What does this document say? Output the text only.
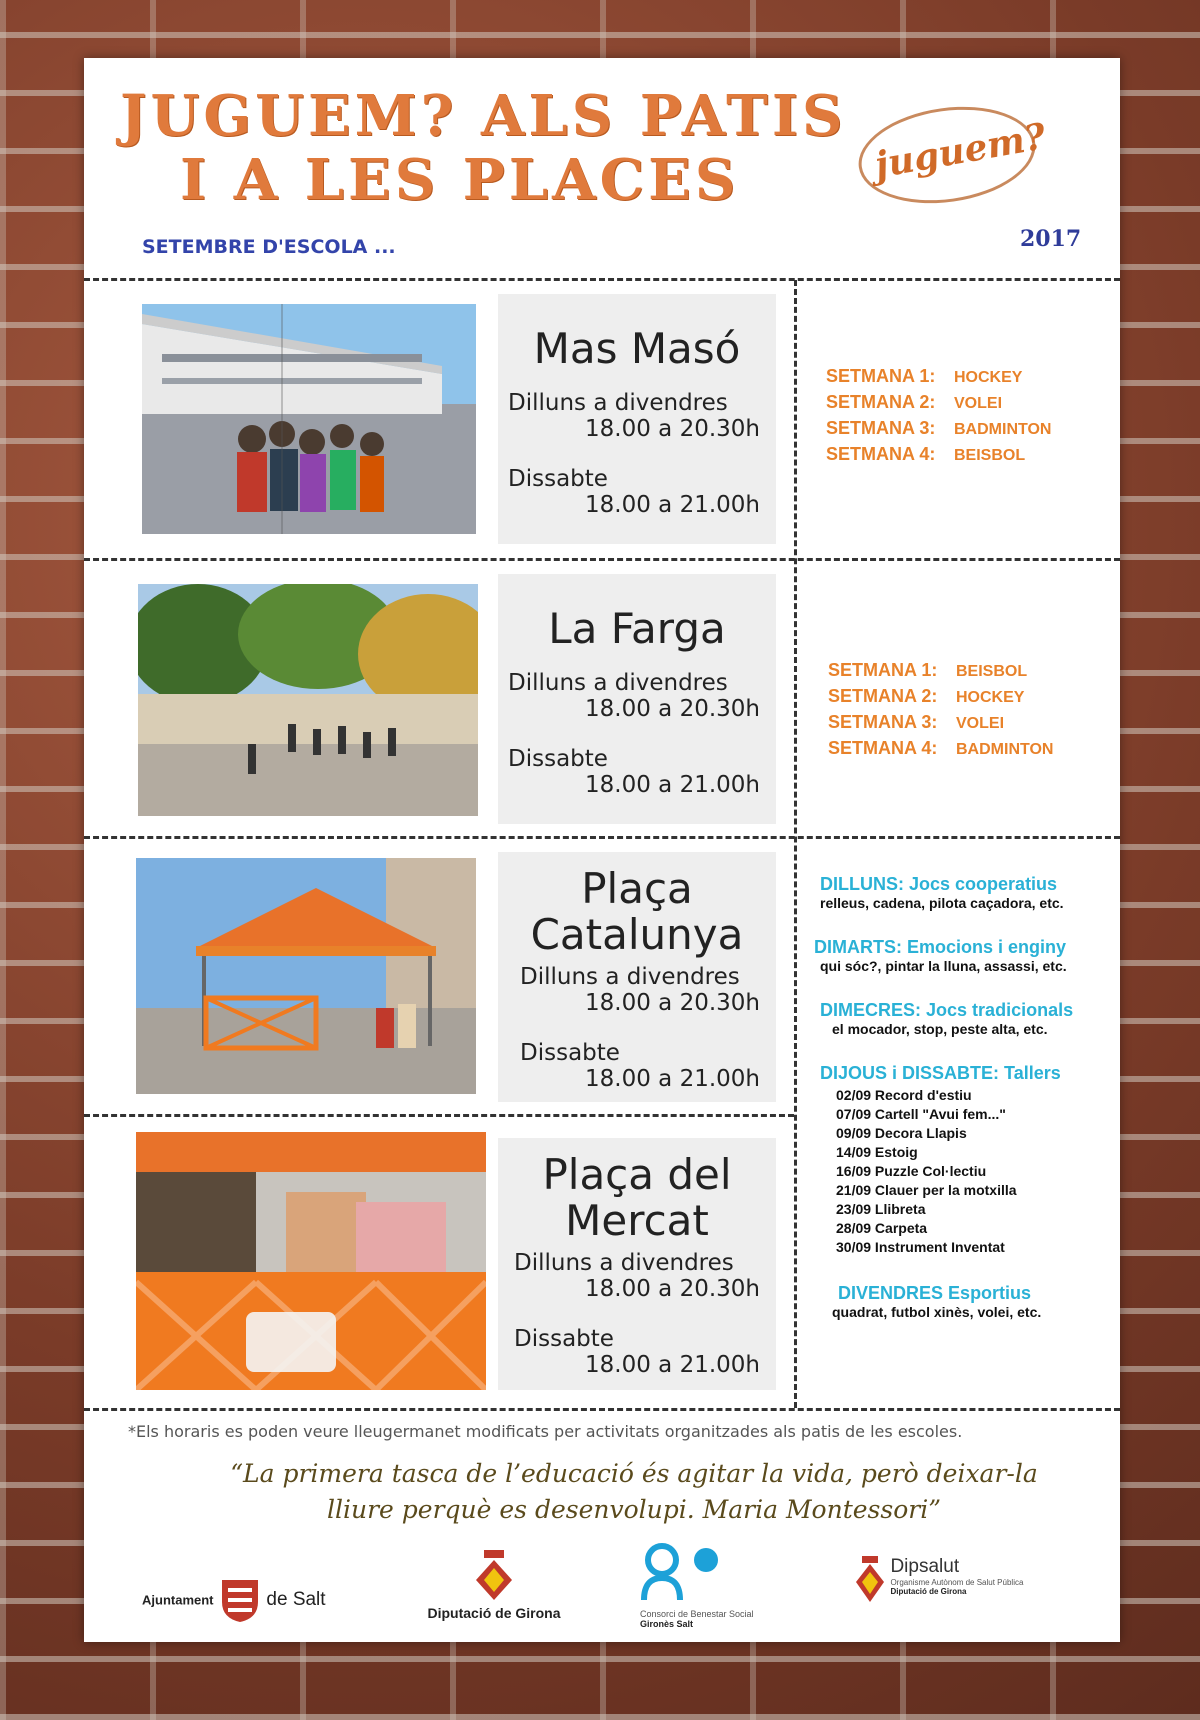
JUGUEM? ALS PATIS
I A LES PLACES	juguem?
SETEMBRE D'ESCOLA ...	2017
Mas Masó
Dilluns a divendres
18.00 a 20.30h
Dissabte
18.00 a 21.00h
La Farga
Dilluns a divendres
18.00 a 20.30h
Dissabte
18.00 a 21.00h
Plaça Catalunya
Dilluns a divendres
18.00 a 20.30h
Dissabte
18.00 a 21.00h
Plaça del Mercat
Dilluns a divendres
18.00 a 20.30h
Dissabte
18.00 a 21.00h
SETMANA 1: HOCKEY
SETMANA 2: VOLEI
SETMANA 3: BADMINTON
SETMANA 4: BEISBOL
SETMANA 1: BEISBOL
SETMANA 2: HOCKEY
SETMANA 3: VOLEI
SETMANA 4: BADMINTON
DILLUNS: Jocs cooperatius
relleus, cadena, pilota caçadora, etc.
DIMARTS: Emocions i enginy
qui sóc?, pintar la lluna, assassi, etc.
DIMECRES: Jocs tradicionals
el mocador, stop, peste alta, etc.
DIJOUS i DISSABTE: Tallers
02/09 Record d'estiu
07/09 Cartell "Avui fem..."
09/09 Decora Llapis
14/09 Estoig
16/09 Puzzle Col·lectiu
21/09 Clauer per la motxilla
23/09 Llibreta
28/09 Carpeta
30/09 Instrument Inventat
DIVENDRES Esportius
quadrat, futbol xinès, volei, etc.
*Els horaris es poden veure lleugermanet modificats per activitats organitzades als patis de les escoles.
“La primera tasca de l’educació és agitar la vida, però deixar-la
lliure perquè es desenvolupi. Maria Montessori”
Ajuntament	de Salt
Diputació de Girona	Consorci de Benestar Social
Gironès Salt

Dipsalut
Organisme Autònom de Salut Pública
Diputació de Girona
